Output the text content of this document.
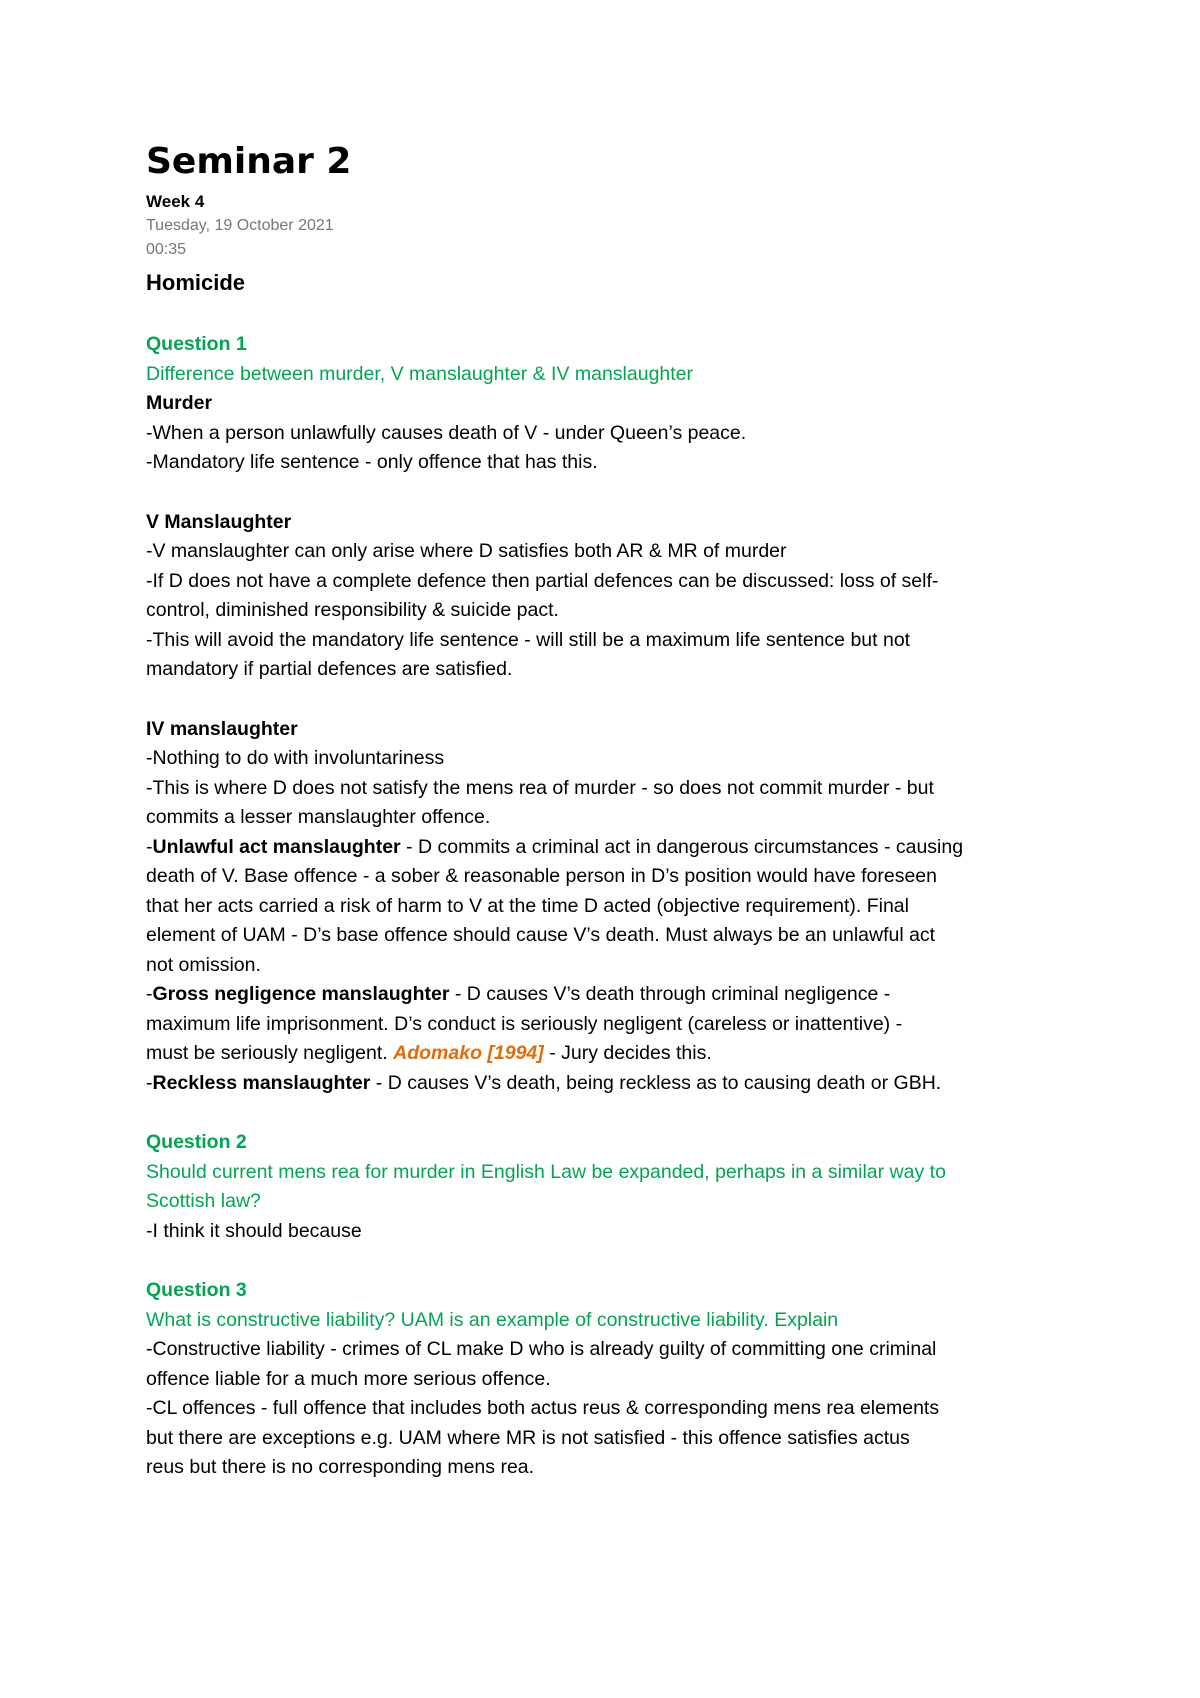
Seminar 2
Week 4
Tuesday, 19 October 2021
00:35
Homicide
Question 1
Difference between murder, V manslaughter & IV manslaughter
Murder
-When a person unlawfully causes death of V - under Queen’s peace.
-Mandatory life sentence - only offence that has this.
V Manslaughter
-V manslaughter can only arise where D satisfies both AR & MR of murder
-If D does not have a complete defence then partial defences can be discussed: loss of self-
control, diminished responsibility & suicide pact.
-This will avoid the mandatory life sentence - will still be a maximum life sentence but not
mandatory if partial defences are satisfied.
IV manslaughter
-Nothing to do with involuntariness
-This is where D does not satisfy the mens rea of murder - so does not commit murder - but
commits a lesser manslaughter offence.
-Unlawful act manslaughter - D commits a criminal act in dangerous circumstances - causing
death of V. Base offence - a sober & reasonable person in D’s position would have foreseen
that her acts carried a risk of harm to V at the time D acted (objective requirement). Final
element of UAM - D’s base offence should cause V’s death. Must always be an unlawful act
not omission.
-Gross negligence manslaughter - D causes V’s death through criminal negligence -
maximum life imprisonment. D’s conduct is seriously negligent (careless or inattentive) -
must be seriously negligent. Adomako [1994] - Jury decides this.
-Reckless manslaughter - D causes V’s death, being reckless as to causing death or GBH.
Question 2
Should current mens rea for murder in English Law be expanded, perhaps in a similar way to
Scottish law?
-I think it should because
Question 3
What is constructive liability? UAM is an example of constructive liability. Explain
-Constructive liability - crimes of CL make D who is already guilty of committing one criminal
offence liable for a much more serious offence.
-CL offences - full offence that includes both actus reus & corresponding mens rea elements
but there are exceptions e.g. UAM where MR is not satisfied - this offence satisfies actus
reus but there is no corresponding mens rea.
